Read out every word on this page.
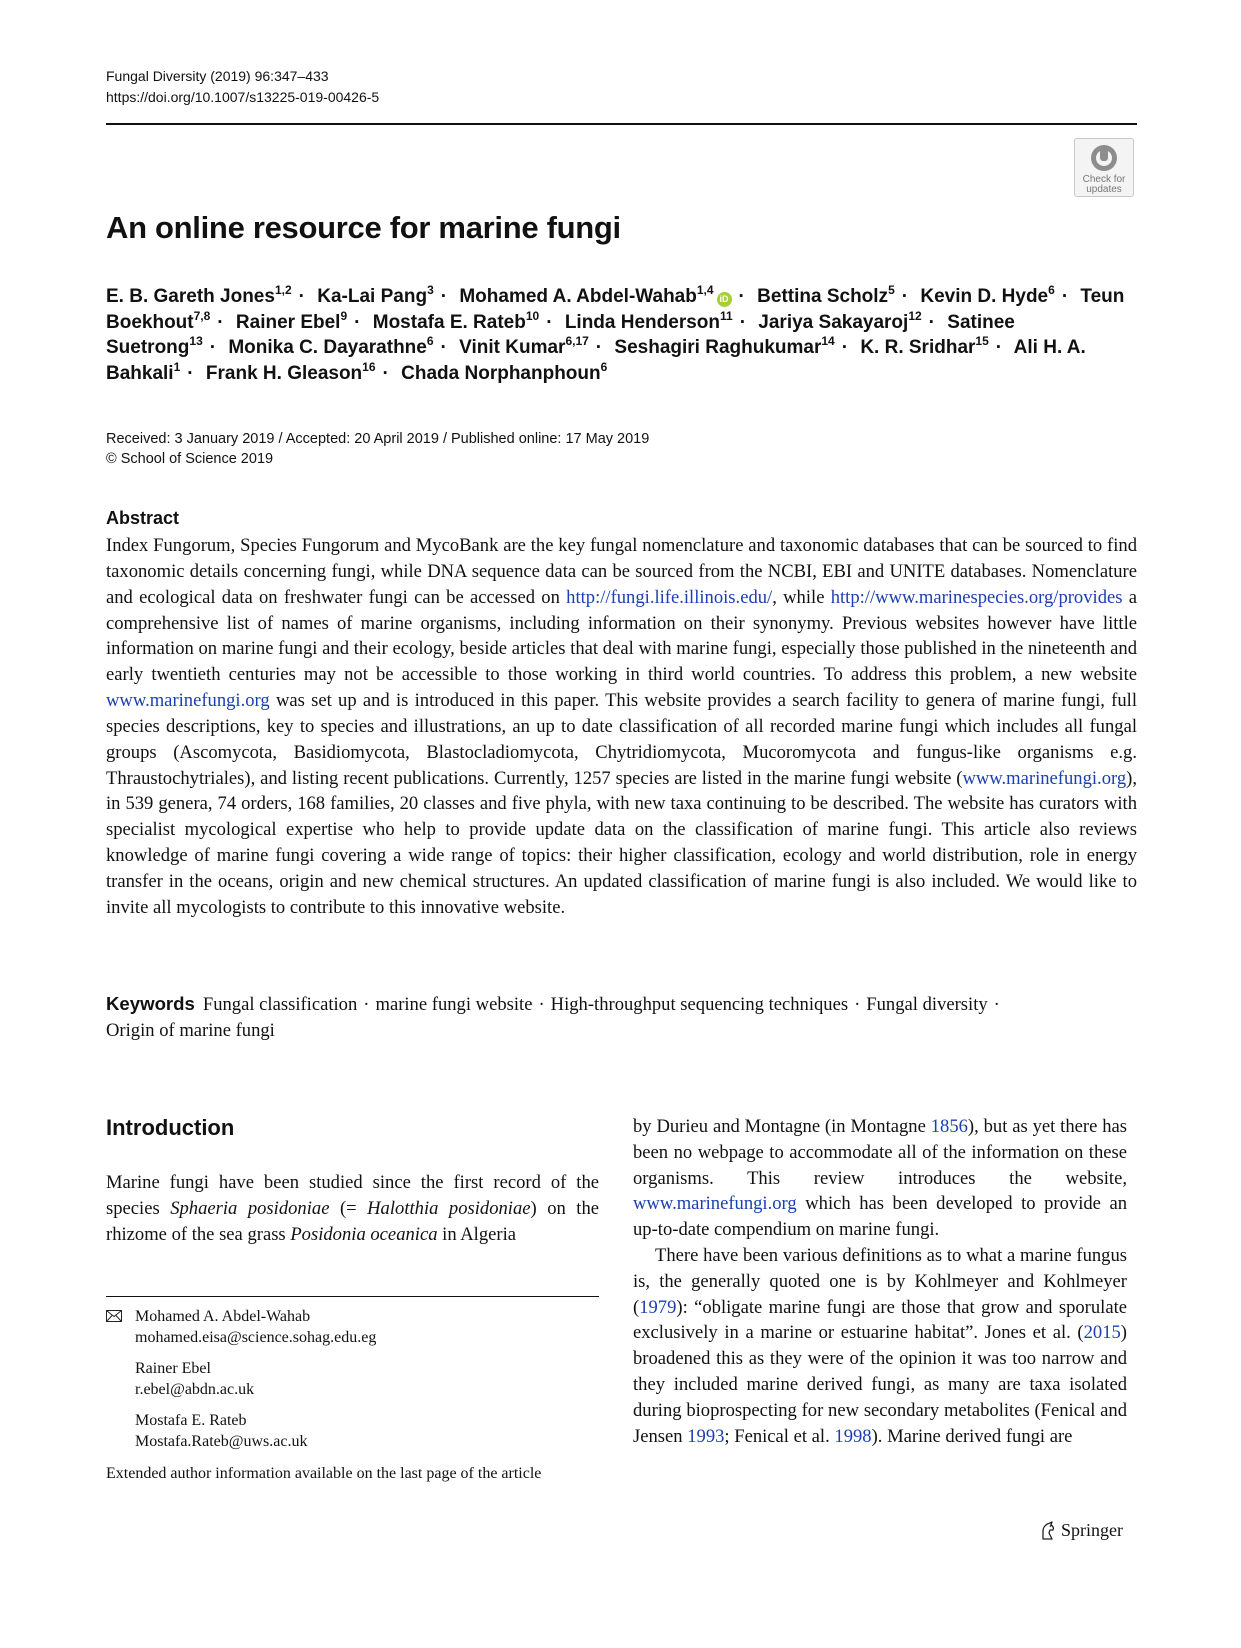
Fungal Diversity (2019) 96:347–433
https://doi.org/10.1007/s13225-019-00426-5
Check for
updates
An online resource for marine fungi
E. B. Gareth Jones$^{1,2}$ · Ka-Lai Pang$^3$ · Mohamed A. Abdel-Wahab$^{1,4}$iD · Bettina Scholz$^5$ · Kevin D. Hyde$^6$ · Teun Boekhout$^{7,8}$ · Rainer Ebel$^9$ · Mostafa E. Rateb$^{10}$ · Linda Henderson$^{11}$ · Jariya Sakayaroj$^{12}$ · Satinee Suetrong$^{13}$ · Monika C. Dayarathne$^6$ · Vinit Kumar$^{6,17}$ · Seshagiri Raghukumar$^{14}$ · K. R. Sridhar$^{15}$ · Ali H. A. Bahkali$^1$ · Frank H. Gleason$^{16}$ · Chada Norphanphoun$^6$
Received: 3 January 2019 / Accepted: 20 April 2019 / Published online: 17 May 2019
© School of Science 2019
Abstract
Index Fungorum, Species Fungorum and MycoBank are the key fungal nomenclature and taxonomic databases that can be sourced to find taxonomic details concerning fungi, while DNA sequence data can be sourced from the NCBI, EBI and UNITE databases. Nomenclature and ecological data on freshwater fungi can be accessed on http://fungi.life.illinois.edu/, while http://www.marinespecies.org/provides a comprehensive list of names of marine organisms, including information on their synonymy. Previous websites however have little information on marine fungi and their ecology, beside articles that deal with marine fungi, especially those published in the nineteenth and early twentieth centuries may not be accessible to those working in third world countries. To address this problem, a new website www.marinefungi.org was set up and is introduced in this paper. This website provides a search facility to genera of marine fungi, full species descriptions, key to species and illustrations, an up to date classification of all recorded marine fungi which includes all fungal groups (Ascomycota, Basidiomycota, Blastocladiomycota, Chytridiomycota, Mucoromycota and fungus-like organisms e.g. Thraustochytriales), and listing recent publications. Currently, 1257 species are listed in the marine fungi website (www.marinefungi.org), in 539 genera, 74 orders, 168 families, 20 classes and five phyla, with new taxa continuing to be described. The website has curators with specialist mycological expertise who help to provide update data on the classification of marine fungi. This article also reviews knowledge of marine fungi covering a wide range of topics: their higher classification, ecology and world distribution, role in energy transfer in the oceans, origin and new chemical structures. An updated classification of marine fungi is also included. We would like to invite all mycologists to contribute to this innovative website.
Keywords Fungal classification · marine fungi website · High-throughput sequencing techniques · Fungal diversity ·
Origin of marine fungi
Introduction
Marine fungi have been studied since the first record of the species Sphaeria posidoniae (= Halotthia posidoniae) on the rhizome of the sea grass Posidonia oceanica in Algeria

by Durieu and Montagne (in Montagne 1856), but as yet there has been no webpage to accommodate all of the information on these organisms. This review introduces the website, www.marinefungi.org which has been developed to provide an up-to-date compendium on marine fungi.

There have been various definitions as to what a marine fungus is, the generally quoted one is by Kohlmeyer and Kohlmeyer (1979): “obligate marine fungi are those that grow and sporulate exclusively in a marine or estuarine habitat”. Jones et al. (2015) broadened this as they were of the opinion it was too narrow and they included marine derived fungi, as many are taxa isolated during bioprospecting for new secondary metabolites (Fenical and Jensen 1993; Fenical et al. 1998). Marine derived fungi are

Mohamed A. Abdel-Wahab
mohamed.eisa@science.sohag.edu.eg
Rainer Ebel
r.ebel@abdn.ac.uk
Mostafa E. Rateb
Mostafa.Rateb@uws.ac.uk
Extended author information available on the last page of the article
Springer
